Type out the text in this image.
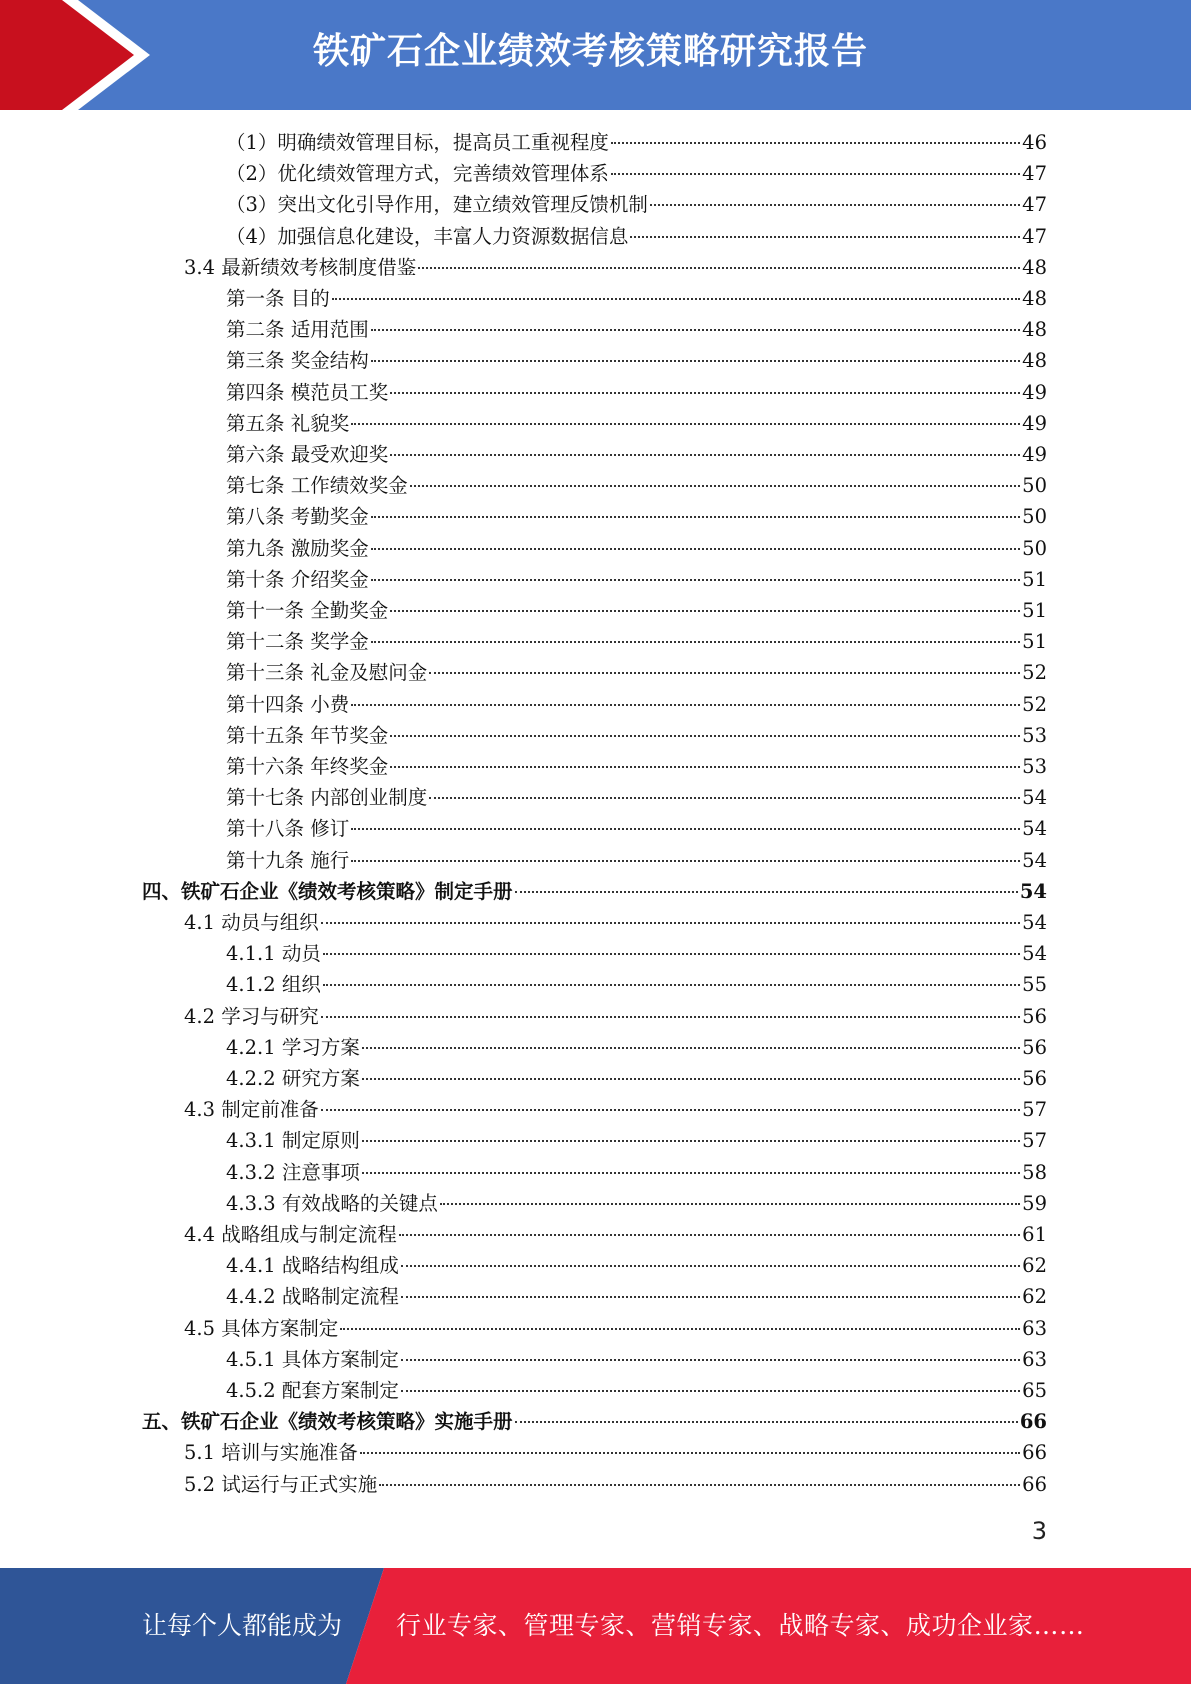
铁矿石企业绩效考核策略研究报告
（1）明确绩效管理目标，提高员工重视程度	46
（2）优化绩效管理方式，完善绩效管理体系	47
（3）突出文化引导作用，建立绩效管理反馈机制	47
（4）加强信息化建设，丰富人力资源数据信息	47
3.4 最新绩效考核制度借鉴	48
第一条 目的	48
第二条 适用范围	48
第三条 奖金结构	48
第四条 模范员工奖	49
第五条 礼貌奖	49
第六条 最受欢迎奖	49
第七条 工作绩效奖金	50
第八条 考勤奖金	50
第九条 激励奖金	50
第十条 介绍奖金	51
第十一条 全勤奖金	51
第十二条 奖学金	51
第十三条 礼金及慰问金	52
第十四条 小费	52
第十五条 年节奖金	53
第十六条 年终奖金	53
第十七条 内部创业制度	54
第十八条 修订	54
第十九条 施行	54
四、铁矿石企业《绩效考核策略》制定手册	54
4.1 动员与组织	54
4.1.1 动员	54
4.1.2 组织	55
4.2 学习与研究	56
4.2.1 学习方案	56
4.2.2 研究方案	56
4.3 制定前准备	57
4.3.1 制定原则	57
4.3.2 注意事项	58
4.3.3 有效战略的关键点	59
4.4 战略组成与制定流程	61
4.4.1 战略结构组成	62
4.4.2 战略制定流程	62
4.5 具体方案制定	63
4.5.1 具体方案制定	63
4.5.2 配套方案制定	65
五、铁矿石企业《绩效考核策略》实施手册	66
5.1 培训与实施准备	66
5.2 试运行与正式实施	66
3
让每个人都能成为 行业专家、管理专家、营销专家、战略专家、成功企业家……
